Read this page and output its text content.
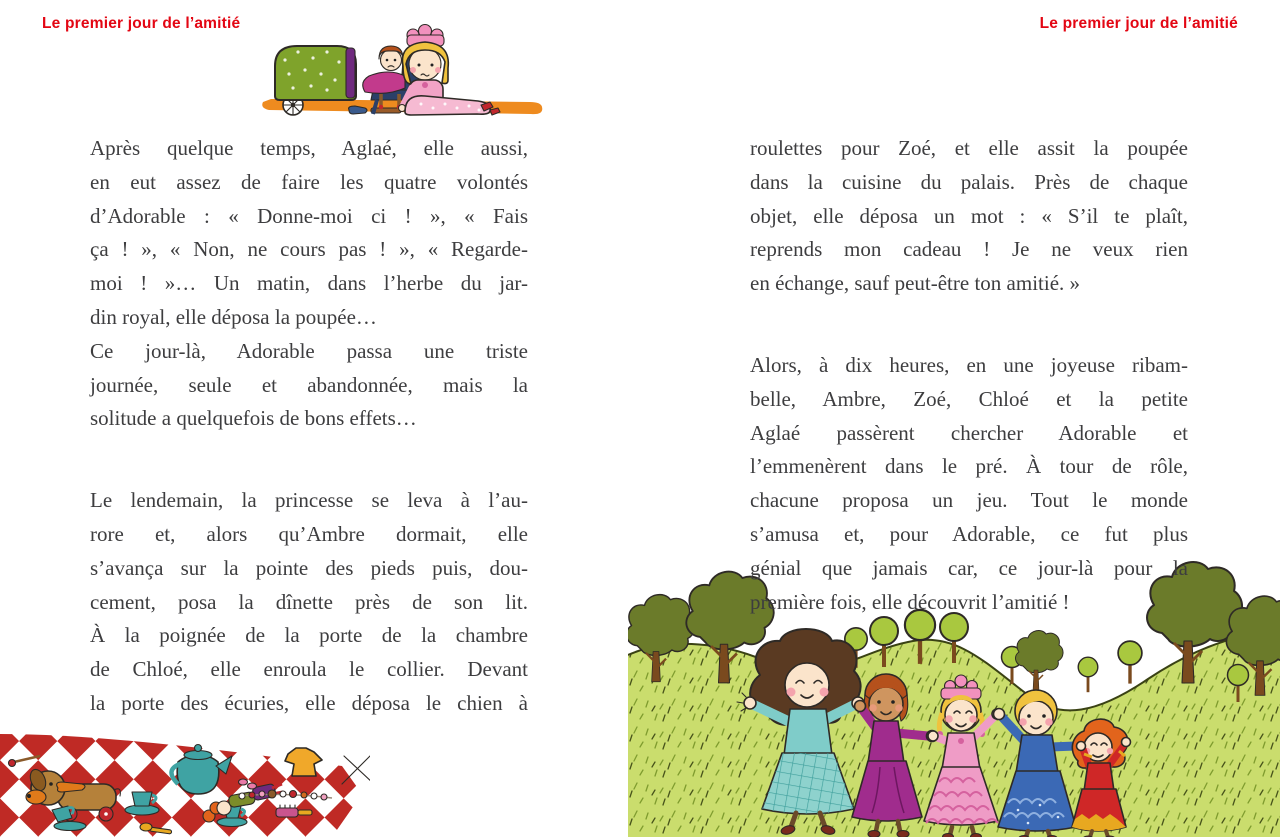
Le premier jour de l’amitié	Le premier jour de l’amitié
Après quelque temps, Aglaé, elle aussi,
en eut assez de faire les quatre volontés
d’Adorable : « Donne-moi ci ! », « Fais
ça ! », « Non, ne cours pas ! », « Regarde-
moi ! »… Un matin, dans l’herbe du jar-
din royal, elle déposa la poupée…
Ce jour-là, Adorable passa une triste
journée, seule et abandonnée, mais la
solitude a quelquefois de bons effets…
Le lendemain, la princesse se leva à l’au-
rore et, alors qu’Ambre dormait, elle
s’avança sur la pointe des pieds puis, dou-
cement, posa la dînette près de son lit.
À la poignée de la porte de la chambre
de Chloé, elle enroula le collier. Devant
la porte des écuries, elle déposa le chien à
roulettes pour Zoé, et elle assit la poupée
dans la cuisine du palais. Près de chaque
objet, elle déposa un mot : « S’il te plaît,
reprends mon cadeau ! Je ne veux rien
en échange, sauf peut-être ton amitié. »
Alors, à dix heures, en une joyeuse ribam-
belle, Ambre, Zoé, Chloé et la petite
Aglaé passèrent chercher Adorable et
l’emmenèrent dans le pré. À tour de rôle,
chacune proposa un jeu. Tout le monde
s’amusa et, pour Adorable, ce fut plus
génial que jamais car, ce jour-là pour la
première fois, elle découvrit l’amitié !
